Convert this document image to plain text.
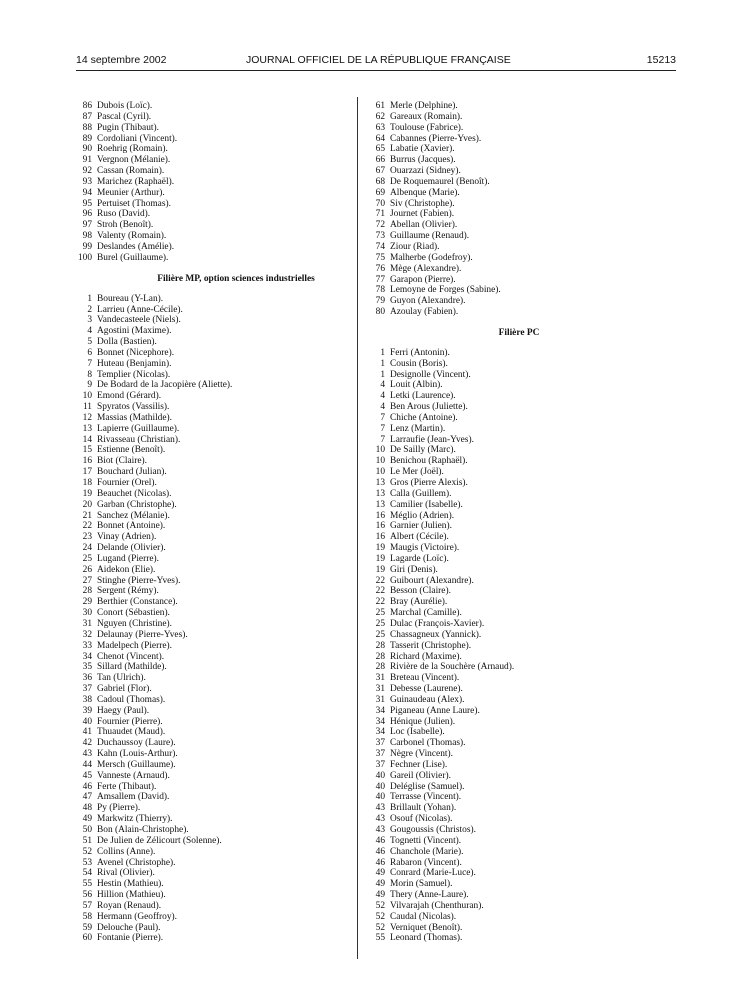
14 septembre 2002	JOURNAL OFFICIEL DE LA RÉPUBLIQUE FRANÇAISE	15213
86 Dubois (Loïc).
87 Pascal (Cyril).
88 Pugin (Thibaut).
89 Cordoliani (Vincent).
90 Roehrig (Romain).
91 Vergnon (Mélanie).
92 Cassan (Romain).
93 Marichez (Raphaël).
94 Meunier (Arthur).
95 Pertuiset (Thomas).
96 Ruso (David).
97 Stroh (Benoît).
98 Valenty (Romain).
99 Deslandes (Amélie).
100 Burel (Guillaume).
Filière MP, option sciences industrielles
1 Boureau (Y-Lan).
2 Larrieu (Anne-Cécile).
3 Vandecasteele (Niels).
4 Agostini (Maxime).
5 Dolla (Bastien).
6 Bonnet (Nicephore).
7 Huteau (Benjamin).
8 Templier (Nicolas).
9 De Bodard de la Jacopière (Aliette).
10 Emond (Gérard).
11 Spyratos (Vassilis).
12 Massias (Mathilde).
13 Lapierre (Guillaume).
14 Rivasseau (Christian).
15 Estienne (Benoît).
16 Biot (Claire).
17 Bouchard (Julian).
18 Fournier (Orel).
19 Beauchet (Nicolas).
20 Garban (Christophe).
21 Sanchez (Mélanie).
22 Bonnet (Antoine).
23 Vinay (Adrien).
24 Delande (Olivier).
25 Lugand (Pierre).
26 Aidekon (Elie).
27 Stinghe (Pierre-Yves).
28 Sergent (Rémy).
29 Berthier (Constance).
30 Conort (Sébastien).
31 Nguyen (Christine).
32 Delaunay (Pierre-Yves).
33 Madelpech (Pierre).
34 Chenot (Vincent).
35 Sillard (Mathilde).
36 Tan (Ulrich).
37 Gabriel (Flor).
38 Cadoul (Thomas).
39 Haegy (Paul).
40 Fournier (Pierre).
41 Thuaudet (Maud).
42 Duchaussoy (Laure).
43 Kahn (Louis-Arthur).
44 Mersch (Guillaume).
45 Vanneste (Arnaud).
46 Ferte (Thibaut).
47 Amsallem (David).
48 Py (Pierre).
49 Markwitz (Thierry).
50 Bon (Alain-Christophe).
51 De Julien de Zélicourt (Solenne).
52 Collins (Anne).
53 Avenel (Christophe).
54 Rival (Olivier).
55 Hestin (Mathieu).
56 Hillion (Mathieu).
57 Royan (Renaud).
58 Hermann (Geoffroy).
59 Delouche (Paul).
60 Fontanie (Pierre).
61 Merle (Delphine).
62 Gareaux (Romain).
63 Toulouse (Fabrice).
64 Cabannes (Pierre-Yves).
65 Labatie (Xavier).
66 Burrus (Jacques).
67 Ouarzazi (Sidney).
68 De Roquemaurel (Benoît).
69 Albenque (Marie).
70 Siv (Christophe).
71 Journet (Fabien).
72 Abellan (Olivier).
73 Guillaume (Renaud).
74 Ziour (Riad).
75 Malherbe (Godefroy).
76 Mège (Alexandre).
77 Garapon (Pierre).
78 Lemoyne de Forges (Sabine).
79 Guyon (Alexandre).
80 Azoulay (Fabien).
Filière PC
1 Ferri (Antonin).
1 Cousin (Boris).
1 Designolle (Vincent).
4 Louit (Albin).
4 Letki (Laurence).
4 Ben Arous (Juliette).
7 Chiche (Antoine).
7 Lenz (Martin).
7 Larraufie (Jean-Yves).
10 De Sailly (Marc).
10 Benichou (Raphaël).
10 Le Mer (Joël).
13 Gros (Pierre Alexis).
13 Calla (Guillem).
13 Camilier (Isabelle).
16 Méglio (Adrien).
16 Garnier (Julien).
16 Albert (Cécile).
19 Maugis (Victoire).
19 Lagarde (Loïc).
19 Giri (Denis).
22 Guibourt (Alexandre).
22 Besson (Claire).
22 Bray (Aurélie).
25 Marchal (Camille).
25 Dulac (François-Xavier).
25 Chassagneux (Yannick).
28 Tasserit (Christophe).
28 Richard (Maxime).
28 Rivière de la Souchère (Arnaud).
31 Breteau (Vincent).
31 Debesse (Laurene).
31 Guinaudeau (Alex).
34 Piganeau (Anne Laure).
34 Hénique (Julien).
34 Loc (Isabelle).
37 Carbonel (Thomas).
37 Nègre (Vincent).
37 Fechner (Lise).
40 Gareil (Olivier).
40 Deléglise (Samuel).
40 Terrasse (Vincent).
43 Brillault (Yohan).
43 Osouf (Nicolas).
43 Gougoussis (Christos).
46 Tognetti (Vincent).
46 Chanchole (Marie).
46 Rabaron (Vincent).
49 Conrard (Marie-Luce).
49 Morin (Samuel).
49 Thery (Anne-Laure).
52 Vilvarajah (Chenthuran).
52 Caudal (Nicolas).
52 Verniquet (Benoît).
55 Leonard (Thomas).
